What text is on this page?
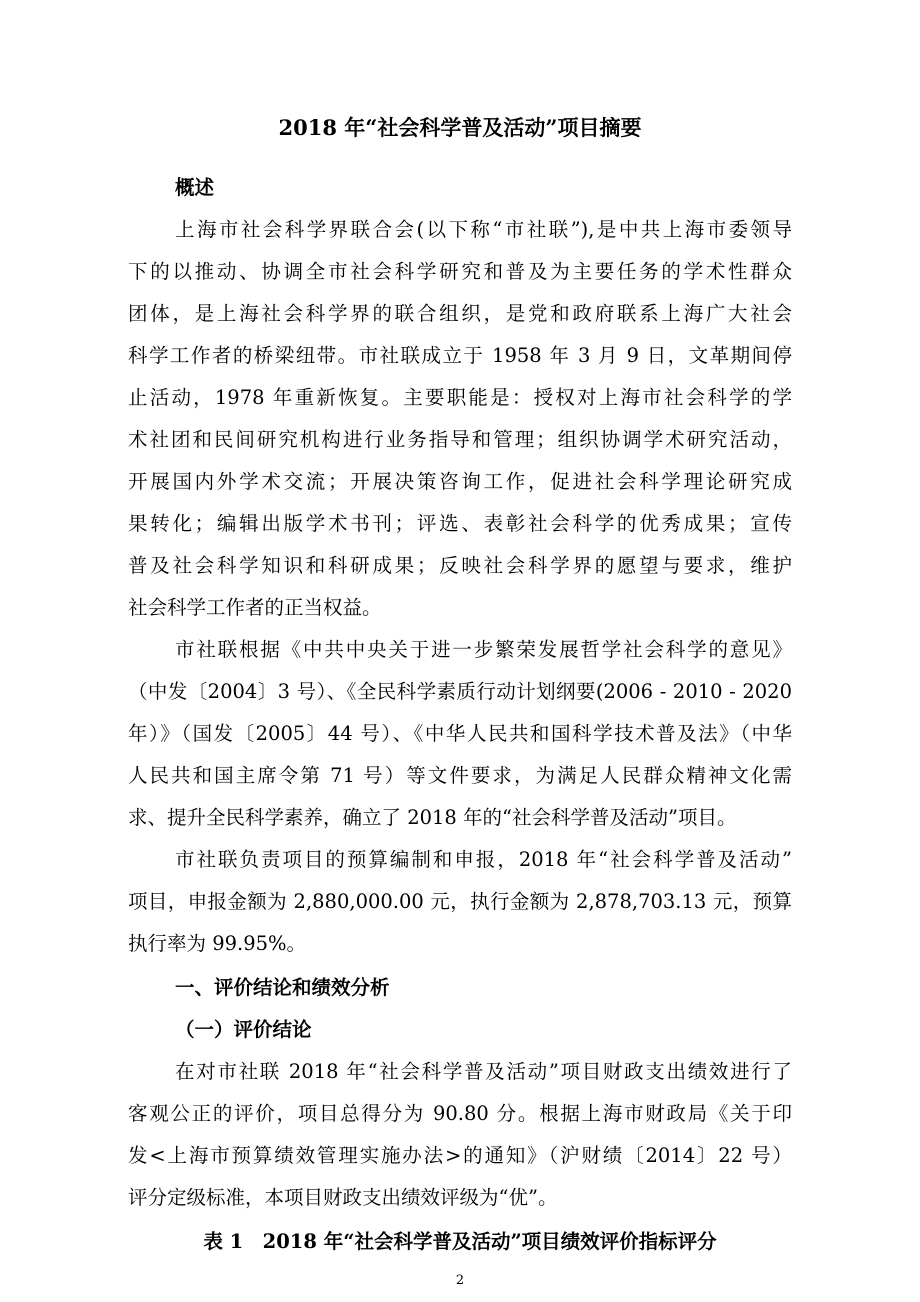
2018 年“社会科学普及活动”项目摘要
概述
上海市社会科学界联合会(以下称“市社联”),是中共上海市委领导
下的以推动、协调全市社会科学研究和普及为主要任务的学术性群众
团体，是上海社会科学界的联合组织，是党和政府联系上海广大社会
科学工作者的桥梁纽带。市社联成立于 1958 年 3 月 9 日，文革期间停
止活动，1978 年重新恢复。主要职能是：授权对上海市社会科学的学
术社团和民间研究机构进行业务指导和管理；组织协调学术研究活动，
开展国内外学术交流；开展决策咨询工作，促进社会科学理论研究成
果转化；编辑出版学术书刊；评选、表彰社会科学的优秀成果；宣传
普及社会科学知识和科研成果；反映社会科学界的愿望与要求，维护
社会科学工作者的正当权益。
市社联根据《中共中央关于进一步繁荣发展哲学社会科学的意见》
（中发〔2004〕3 号）、《全民科学素质行动计划纲要(2006 - 2010 - 2020
年）》（国发〔2005〕44 号）、《中华人民共和国科学技术普及法》（中华
人民共和国主席令第 71 号）等文件要求，为满足人民群众精神文化需
求、提升全民科学素养，确立了 2018 年的“社会科学普及活动”项目。
市社联负责项目的预算编制和申报，2018 年“社会科学普及活动”
项目，申报金额为 2,880,000.00 元，执行金额为 2,878,703.13 元，预算
执行率为 99.95%。
一、评价结论和绩效分析
（一）评价结论
在对市社联 2018 年“社会科学普及活动”项目财政支出绩效进行了
客观公正的评价，项目总得分为 90.80 分。根据上海市财政局《关于印
发<上海市预算绩效管理实施办法>的通知》（沪财绩〔2014〕22 号）
评分定级标准，本项目财政支出绩效评级为“优”。
表 1　2018 年“社会科学普及活动”项目绩效评价指标评分
2
